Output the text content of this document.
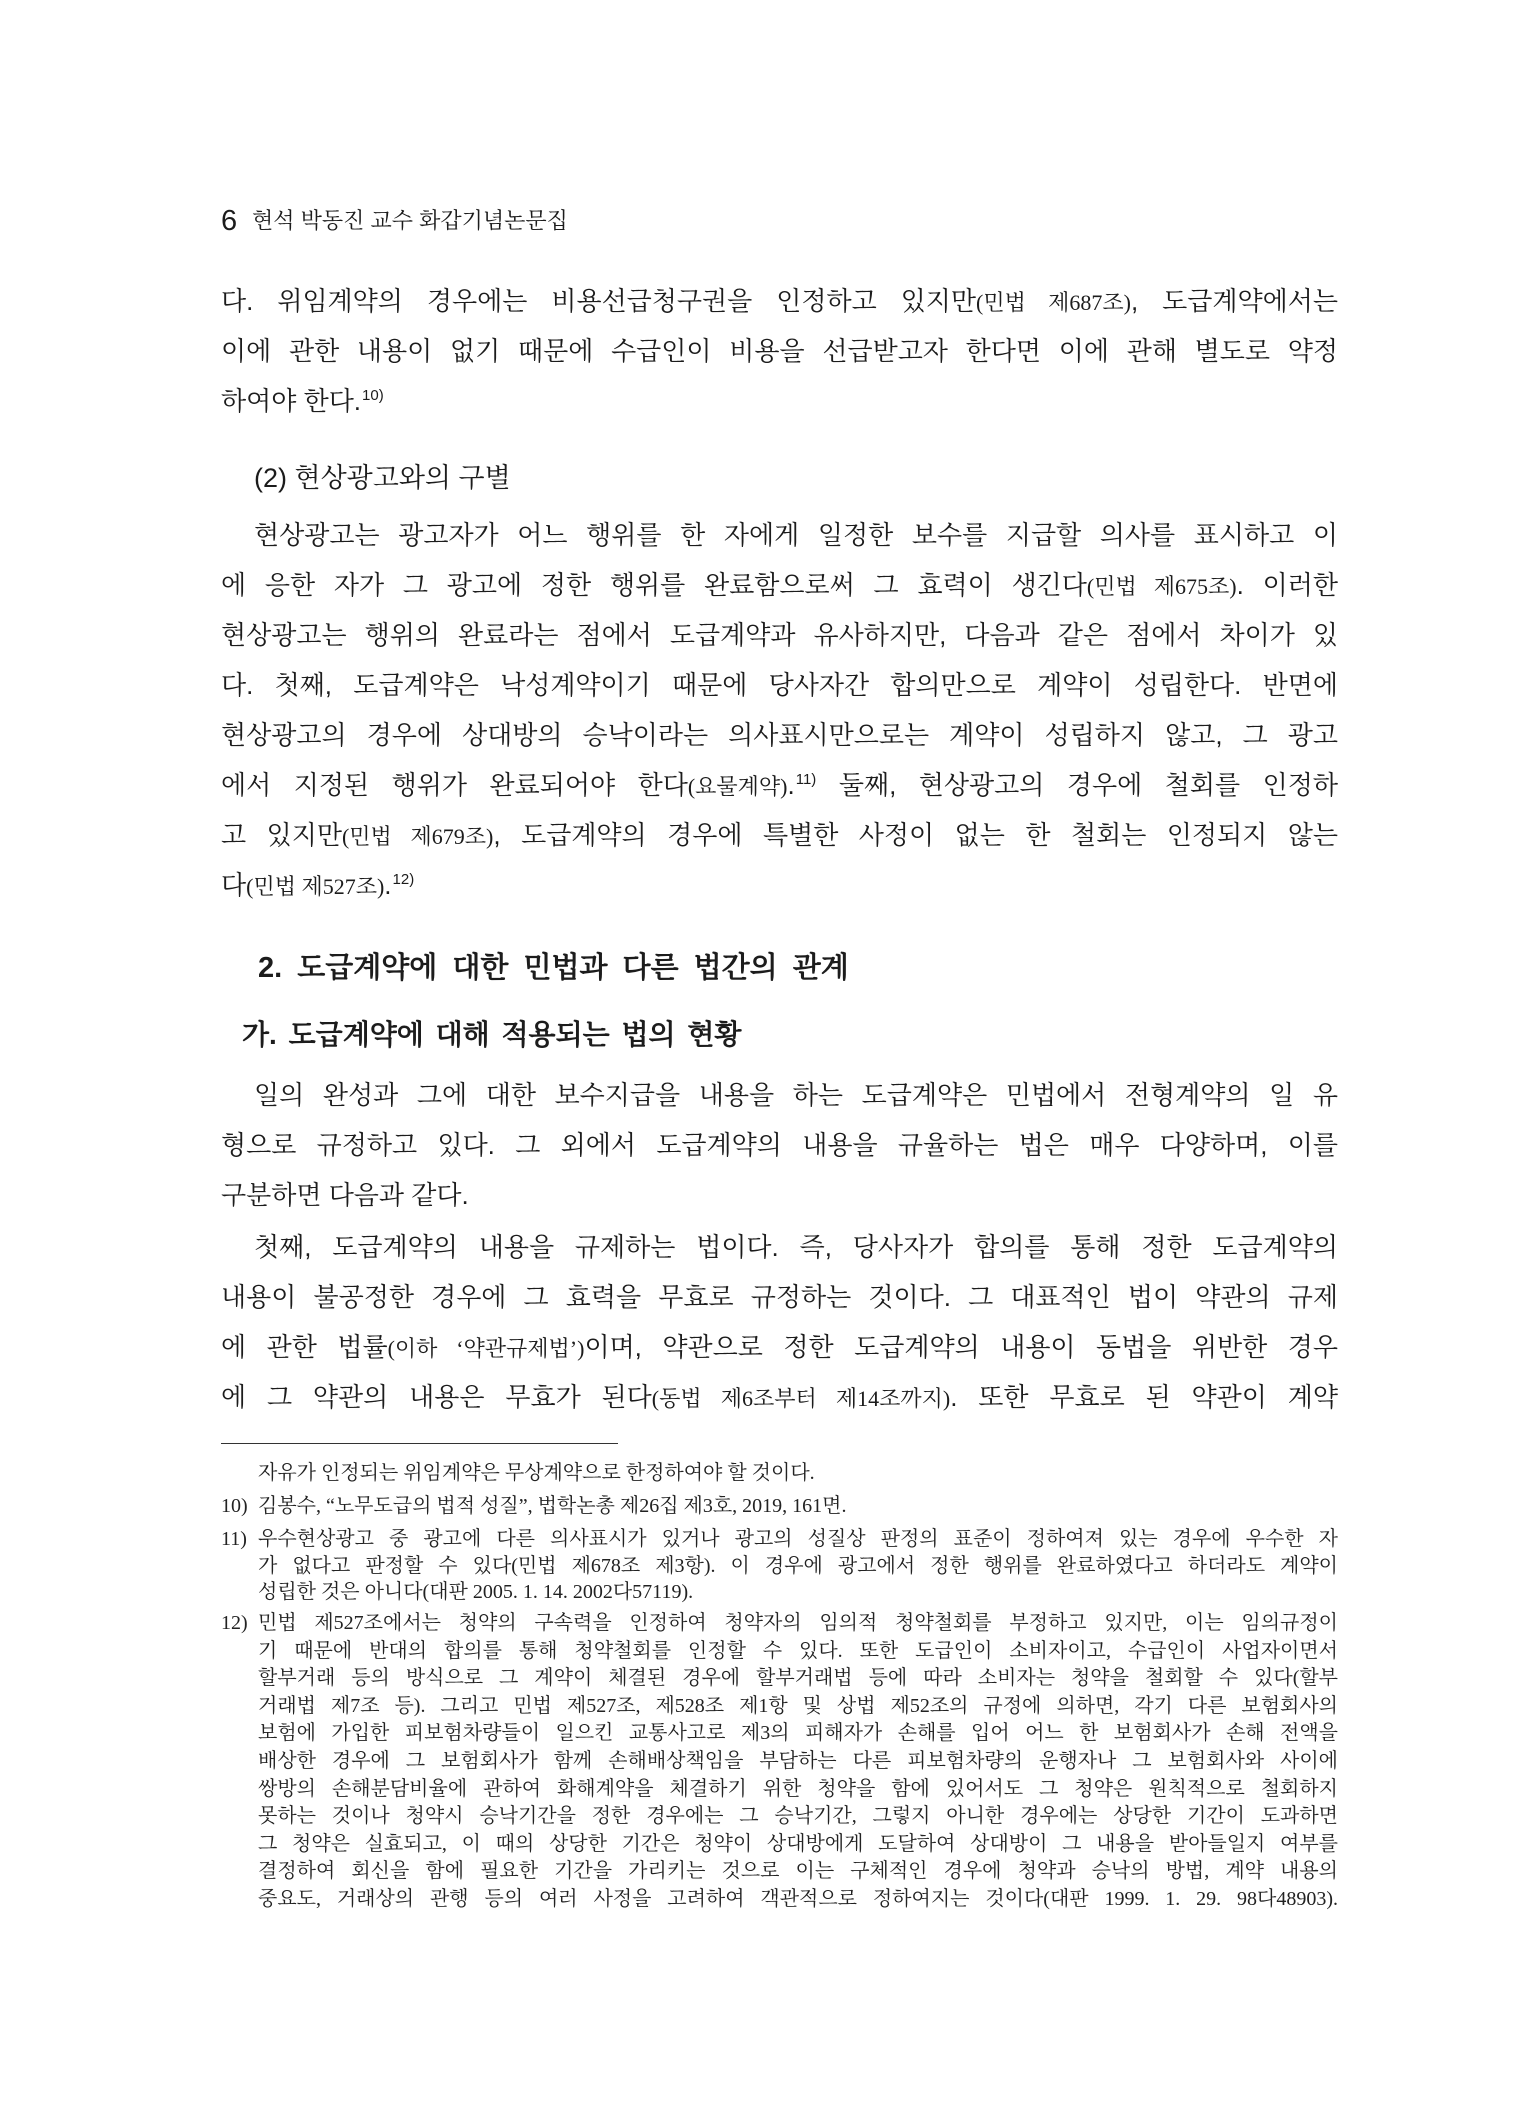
6 현석 박동진 교수 화갑기념논문집
다. 위임계약의 경우에는 비용선급청구권을 인정하고 있지만(민법 제687조), 도급계약에서는
이에 관한 내용이 없기 때문에 수급인이 비용을 선급받고자 한다면 이에 관해 별도로 약정
하여야 한다.$^{10)}$
(2) 현상광고와의 구별
현상광고는 광고자가 어느 행위를 한 자에게 일정한 보수를 지급할 의사를 표시하고 이
에 응한 자가 그 광고에 정한 행위를 완료함으로써 그 효력이 생긴다(민법 제675조). 이러한
현상광고는 행위의 완료라는 점에서 도급계약과 유사하지만, 다음과 같은 점에서 차이가 있
다. 첫째, 도급계약은 낙성계약이기 때문에 당사자간 합의만으로 계약이 성립한다. 반면에
현상광고의 경우에 상대방의 승낙이라는 의사표시만으로는 계약이 성립하지 않고, 그 광고
에서 지정된 행위가 완료되어야 한다(요물계약).$^{11)}$ 둘째, 현상광고의 경우에 철회를 인정하
고 있지만(민법 제679조), 도급계약의 경우에 특별한 사정이 없는 한 철회는 인정되지 않는
다(민법 제527조).$^{12)}$
2. 도급계약에 대한 민법과 다른 법간의 관계
가. 도급계약에 대해 적용되는 법의 현황
일의 완성과 그에 대한 보수지급을 내용을 하는 도급계약은 민법에서 전형계약의 일 유
형으로 규정하고 있다. 그 외에서 도급계약의 내용을 규율하는 법은 매우 다양하며, 이를
구분하면 다음과 같다.
첫째, 도급계약의 내용을 규제하는 법이다. 즉, 당사자가 합의를 통해 정한 도급계약의
내용이 불공정한 경우에 그 효력을 무효로 규정하는 것이다. 그 대표적인 법이 약관의 규제
에 관한 법률(이하 ‘약관규제법’)이며, 약관으로 정한 도급계약의 내용이 동법을 위반한 경우
에 그 약관의 내용은 무효가 된다(동법 제6조부터 제14조까지). 또한 무효로 된 약관이 계약
자유가 인정되는 위임계약은 무상계약으로 한정하여야 할 것이다.
10) 김봉수, “노무도급의 법적 성질”, 법학논총 제26집 제3호, 2019, 161면.
11) 우수현상광고 중 광고에 다른 의사표시가 있거나 광고의 성질상 판정의 표준이 정하여져 있는 경우에 우수한 자
가 없다고 판정할 수 있다(민법 제678조 제3항). 이 경우에 광고에서 정한 행위를 완료하였다고 하더라도 계약이
성립한 것은 아니다(대판 2005. 1. 14. 2002다57119).
12) 민법 제527조에서는 청약의 구속력을 인정하여 청약자의 임의적 청약철회를 부정하고 있지만, 이는 임의규정이
기 때문에 반대의 합의를 통해 청약철회를 인정할 수 있다. 또한 도급인이 소비자이고, 수급인이 사업자이면서
할부거래 등의 방식으로 그 계약이 체결된 경우에 할부거래법 등에 따라 소비자는 청약을 철회할 수 있다(할부
거래법 제7조 등). 그리고 민법 제527조, 제528조 제1항 및 상법 제52조의 규정에 의하면, 각기 다른 보험회사의
보험에 가입한 피보험차량들이 일으킨 교통사고로 제3의 피해자가 손해를 입어 어느 한 보험회사가 손해 전액을
배상한 경우에 그 보험회사가 함께 손해배상책임을 부담하는 다른 피보험차량의 운행자나 그 보험회사와 사이에
쌍방의 손해분담비율에 관하여 화해계약을 체결하기 위한 청약을 함에 있어서도 그 청약은 원칙적으로 철회하지
못하는 것이나 청약시 승낙기간을 정한 경우에는 그 승낙기간, 그렇지 아니한 경우에는 상당한 기간이 도과하면
그 청약은 실효되고, 이 때의 상당한 기간은 청약이 상대방에게 도달하여 상대방이 그 내용을 받아들일지 여부를
결정하여 회신을 함에 필요한 기간을 가리키는 것으로 이는 구체적인 경우에 청약과 승낙의 방법, 계약 내용의
중요도, 거래상의 관행 등의 여러 사정을 고려하여 객관적으로 정하여지는 것이다(대판 1999. 1. 29. 98다48903).
